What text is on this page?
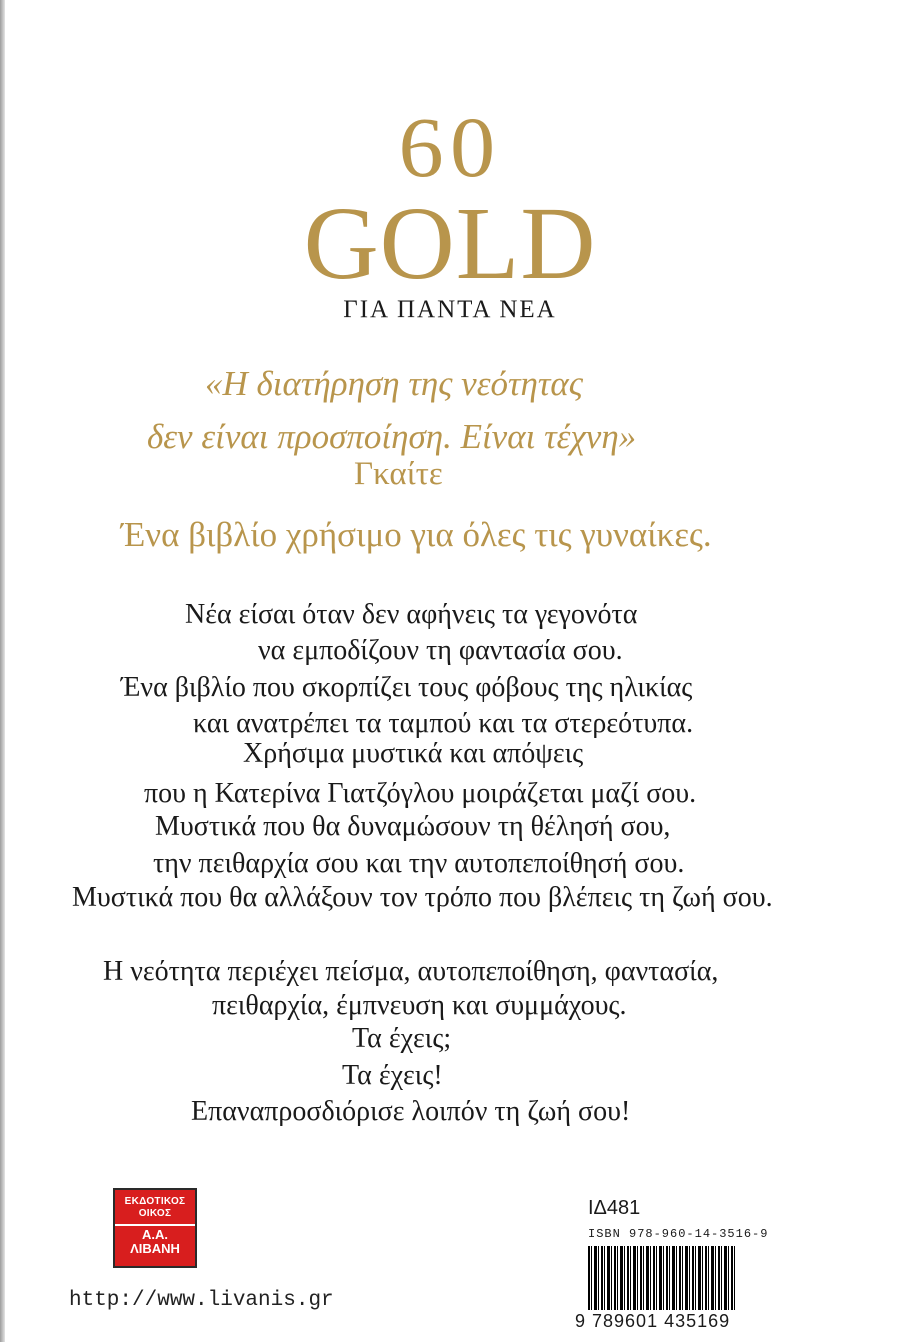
60
GOLD
ΓΙΑ ΠΑΝΤΑ ΝΕΑ
«Η διατήρηση της νεότητας
δεν είναι προσποίηση. Είναι τέχνη»
Γκαίτε
Ένα βιβλίο χρήσιμο για όλες τις γυναίκες.
Νέα είσαι όταν δεν αφήνεις τα γεγονότα
να εμποδίζουν τη φαντασία σου.
Ένα βιβλίο που σκορπίζει τους φόβους της ηλικίας
και ανατρέπει τα ταμπού και τα στερεότυπα.
Χρήσιμα μυστικά και απόψεις
που η Κατερίνα Γιατζόγλου μοιράζεται μαζί σου.
Μυστικά που θα δυναμώσουν τη θέλησή σου,
την πειθαρχία σου και την αυτοπεποίθησή σου.
Μυστικά που θα αλλάξουν τον τρόπο που βλέπεις τη ζωή σου.
Η νεότητα περιέχει πείσμα, αυτοπεποίθηση, φαντασία,
πειθαρχία, έμπνευση και συμμάχους.
Τα έχεις;
Τα έχεις!
Επαναπροσδιόρισε λοιπόν τη ζωή σου!
ΕΚΔΟΤΙΚΟΣ
ΟΙΚΟΣ
Α.Α.
ΛΙΒΑΝΗ
http://www.livanis.gr
ΙΔ481
ISBN 978-960-14-3516-9
9 789601 435169
